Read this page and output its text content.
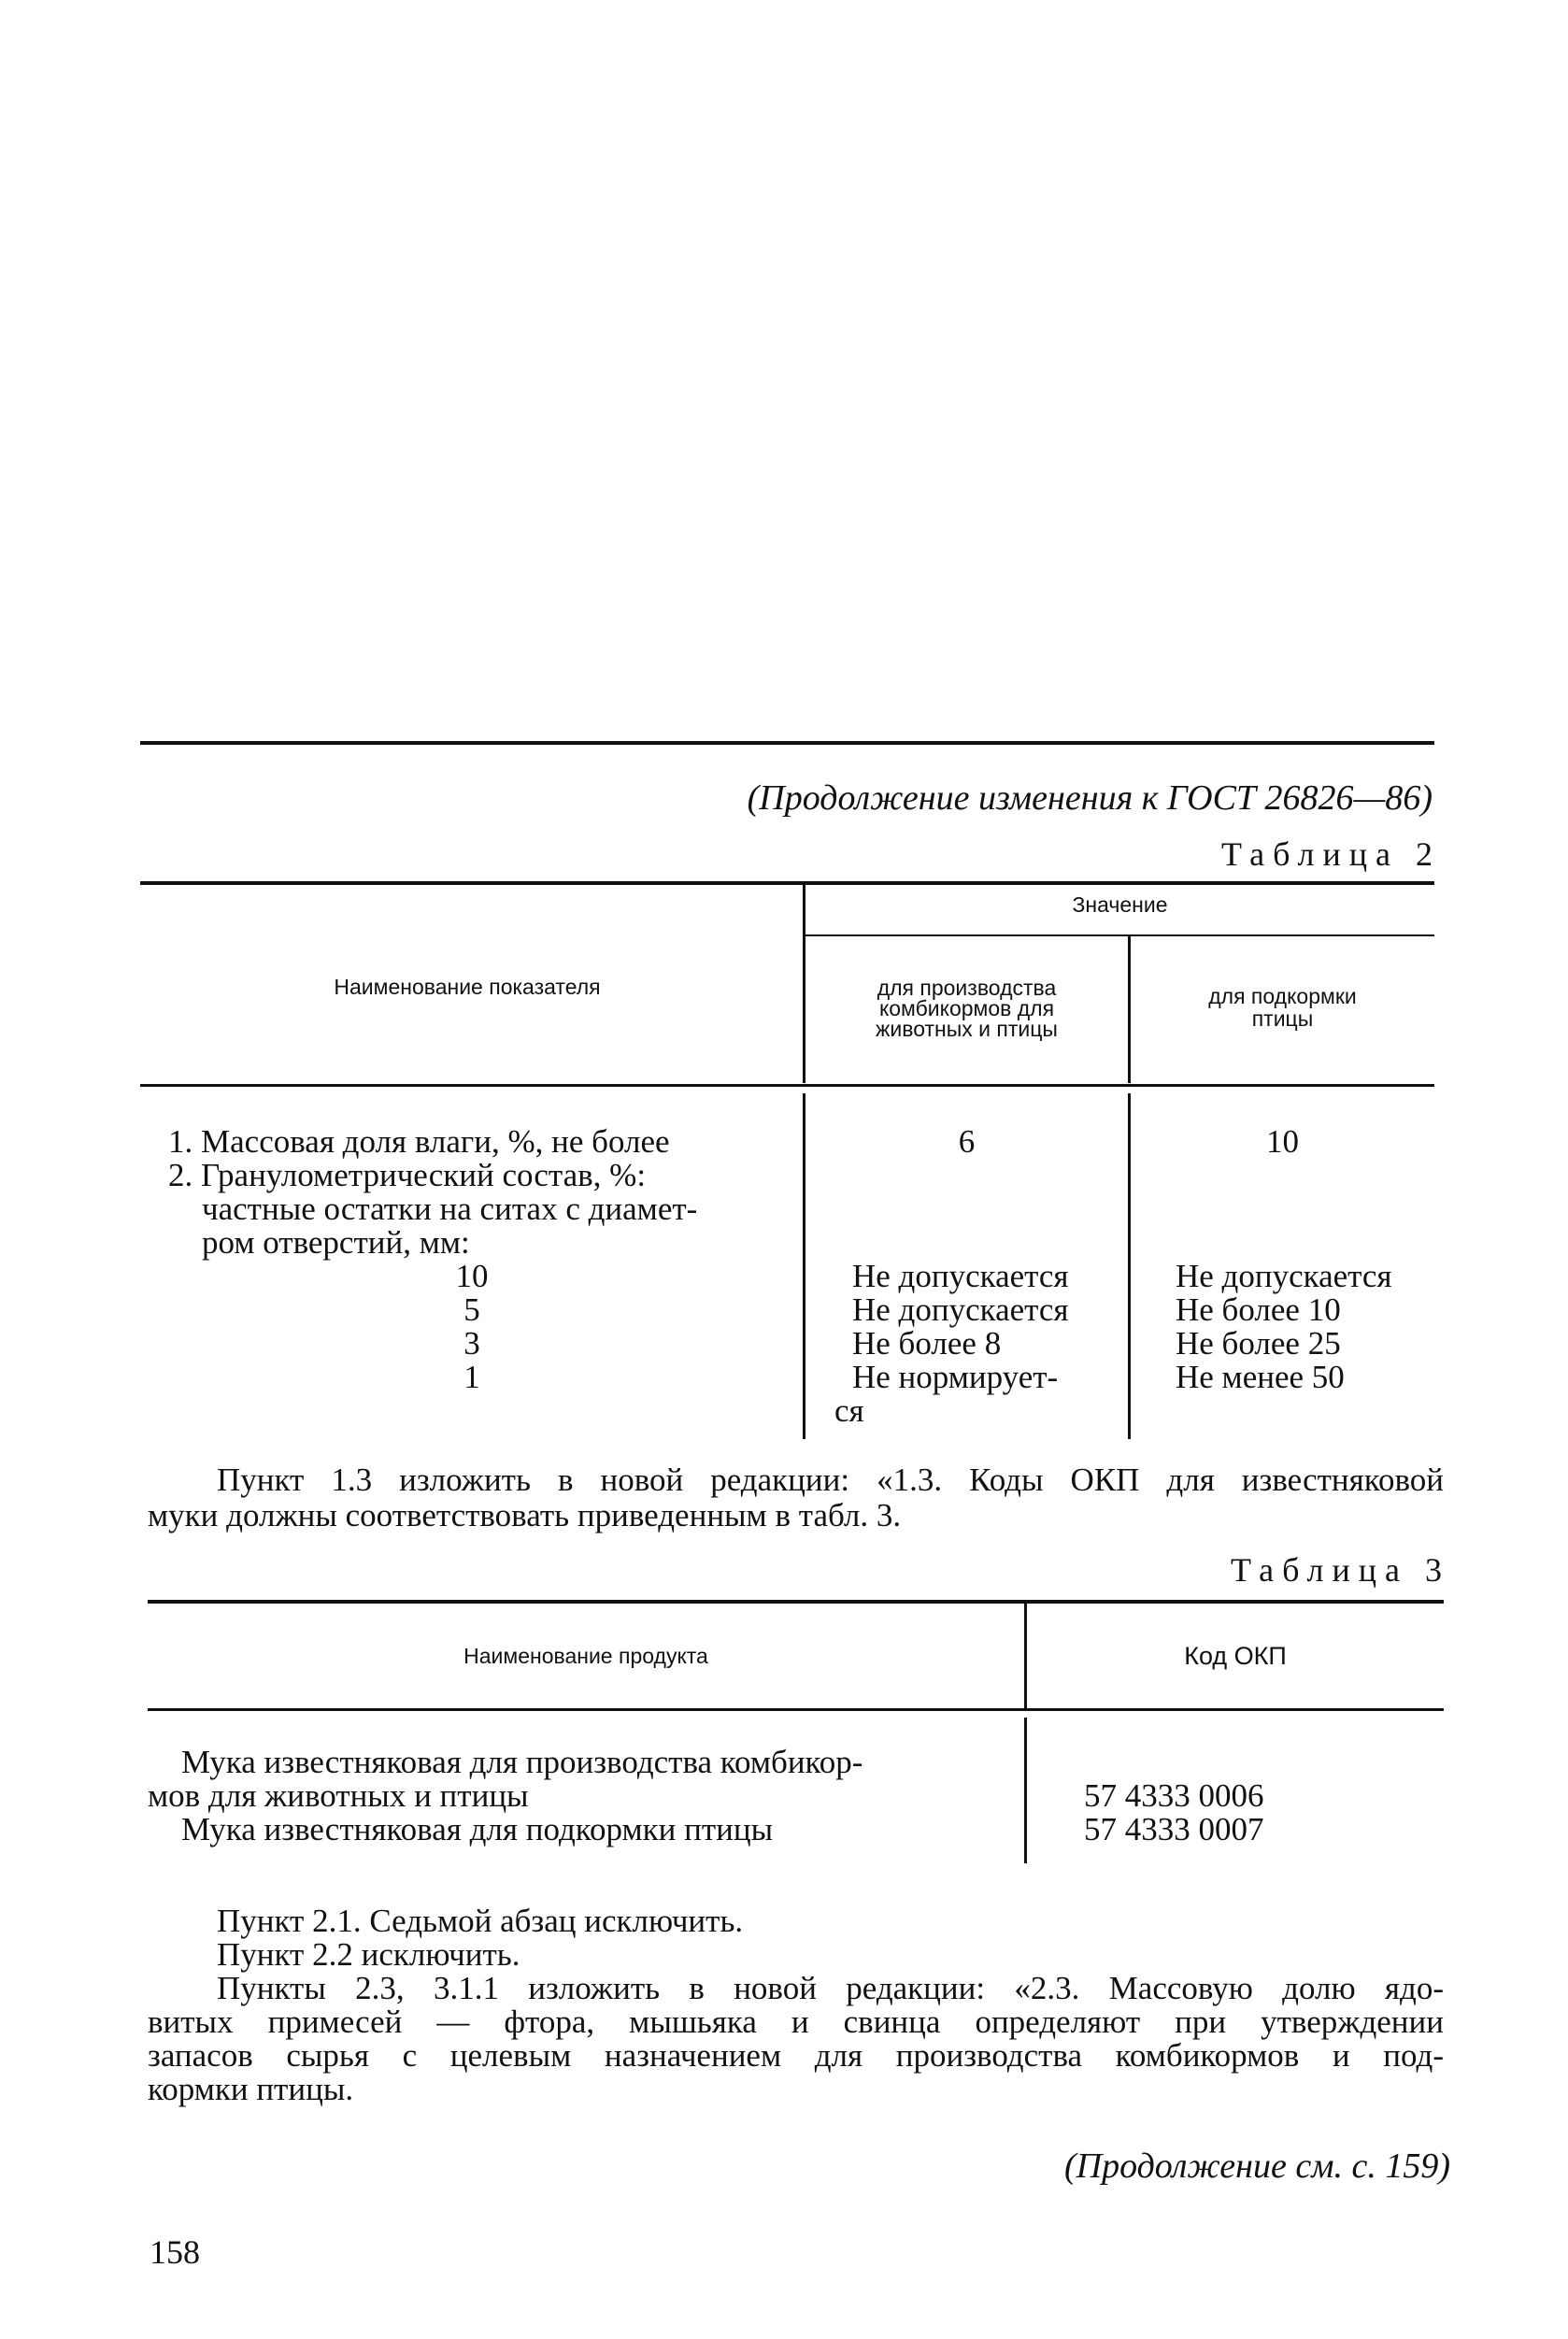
(Продолжение изменения к ГОСТ 26826—86)
Таблица 2
Наименование показателя
Значение
для производства
комбикормов для
животных и птицы
для подкормки
птицы
1. Массовая доля влаги, %, не более
2. Гранулометрический состав, %:
частные остатки на ситах с диамет-
ром отверстий, мм:
10
5
3
1
6
Не допускается
Не допускается
Не более 8
Не нормирует-
ся
10
Не допускается
Не более 10
Не более 25
Не менее 50
Пункт 1.3 изложить в новой редакции: «1.3. Коды ОКП для известняковой
муки должны соответствовать приведенным в табл. 3.
Таблица 3
Наименование продукта	Код ОКП
Мука известняковая для производства комбикор-
мов для животных и птицы
Мука известняковая для подкормки птицы
57 4333 0006
57 4333 0007
Пункт 2.1. Седьмой абзац исключить.
Пункт 2.2 исключить.
Пункты 2.3, 3.1.1 изложить в новой редакции: «2.3. Массовую долю ядо-
витых примесей — фтора, мышьяка и свинца определяют при утверждении
запасов сырья с целевым назначением для производства комбикормов и под-
кормки птицы.
(Продолжение см. с. 159)
158
